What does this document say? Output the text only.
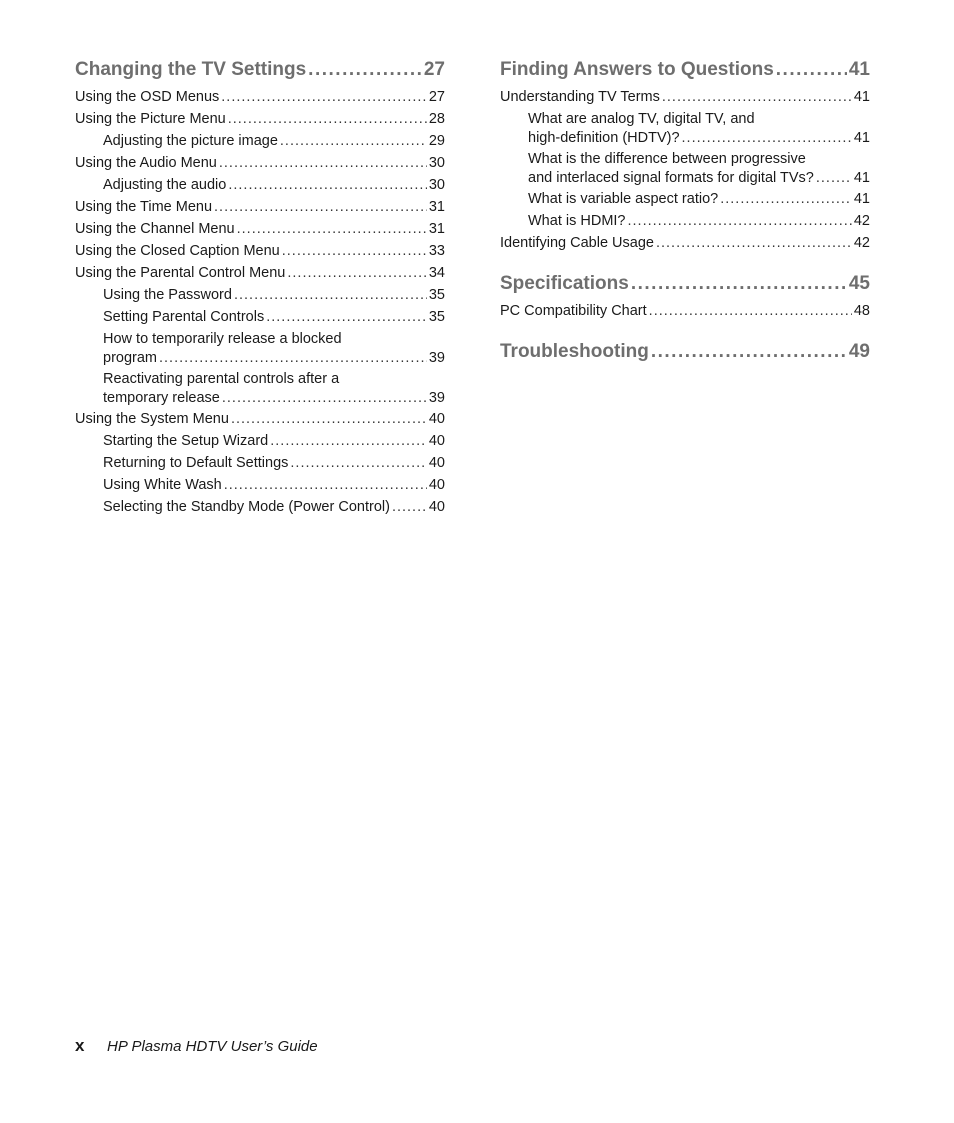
Changing the TV Settings .....	27
Using the OSD Menus .....	27
Using the Picture Menu .....	28
Adjusting the picture image .....	29
Using the Audio Menu .....	30
Adjusting the audio .....	30
Using the Time Menu .....	31
Using the Channel Menu .....	31
Using the Closed Caption Menu .....	33
Using the Parental Control Menu .....	34
Using the Password .....	35
Setting Parental Controls .....	35
How to temporarily release a blocked
program .....	39
Reactivating parental controls after a
temporary release .....	39
Using the System Menu .....	40
Starting the Setup Wizard .....	40
Returning to Default Settings .....	40
Using White Wash .....	40
Selecting the Standby Mode (Power Control) .....	40
Finding Answers to Questions .....	41
Understanding TV Terms .....	41
What are analog TV, digital TV, and
high-definition (HDTV)? .....	41
What is the difference between progressive
and interlaced signal formats for digital TVs? .....	41
What is variable aspect ratio? .....	41
What is HDMI? .....	42
Identifying Cable Usage .....	42
Specifications .....	45
PC Compatibility Chart .....	48
Troubleshooting .....	49
x	HP Plasma HDTV User’s Guide
